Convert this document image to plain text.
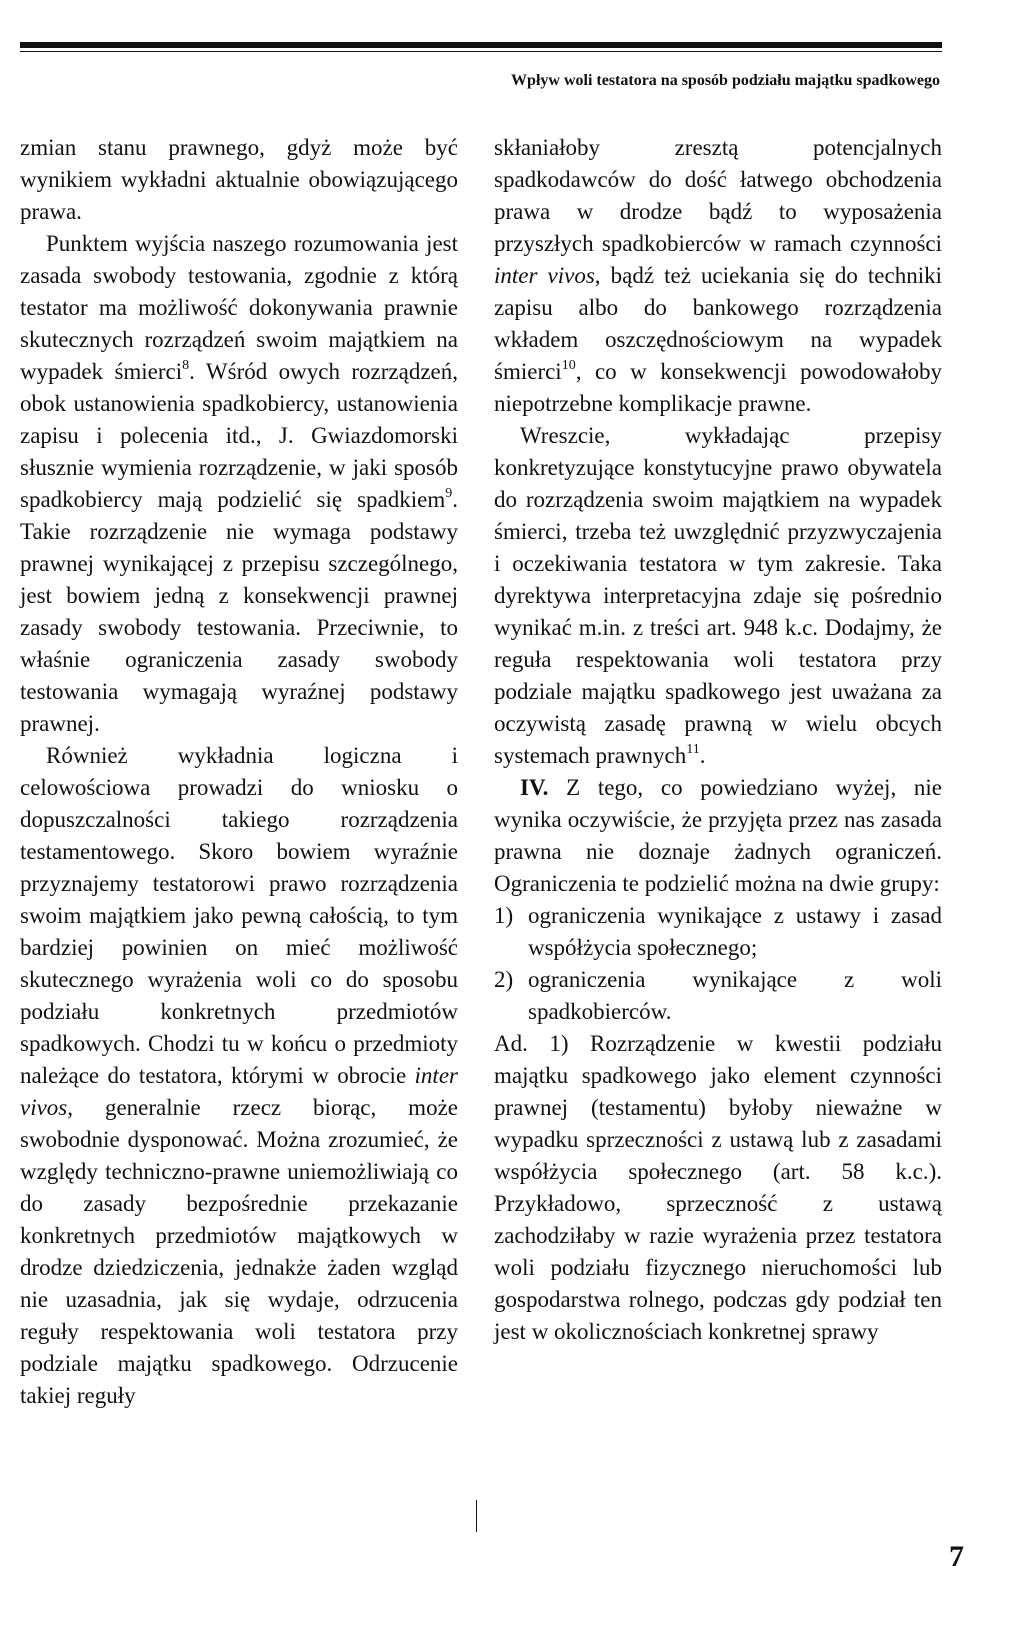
Wpływ woli testatora na sposób podziału majątku spadkowego

zmian stanu prawnego, gdyż może być wynikiem wykładni aktualnie obowiązującego prawa.

Punktem wyjścia naszego rozumowania jest zasada swobody testowania, zgodnie z którą testator ma możliwość dokonywania prawnie skutecznych rozrządzeń swoim majątkiem na wypadek śmierci$^8$. Wśród owych rozrządzeń, obok ustanowienia spadkobiercy, ustanowienia zapisu i polecenia itd., J. Gwiazdomorski słusznie wymienia rozrządzenie, w jaki sposób spadkobiercy mają podzielić się spadkiem$^9$. Takie rozrządzenie nie wymaga podstawy prawnej wynikającej z przepisu szczególnego, jest bowiem jedną z konsekwencji prawnej zasady swobody testowania. Przeciwnie, to właśnie ograniczenia zasady swobody testowania wymagają wyraźnej podstawy prawnej.

Również wykładnia logiczna i celowościowa prowadzi do wniosku o dopuszczalności takiego rozrządzenia testamentowego. Skoro bowiem wyraźnie przyznajemy testatorowi prawo rozrządzenia swoim majątkiem jako pewną całością, to tym bardziej powinien on mieć możliwość skutecznego wyrażenia woli co do sposobu podziału konkretnych przedmiotów spadkowych. Chodzi tu w końcu o przedmioty należące do testatora, którymi w obrocie inter vivos, generalnie rzecz biorąc, może swobodnie dysponować. Można zrozumieć, że względy techniczno-prawne uniemożliwiają co do zasady bezpośrednie przekazanie konkretnych przedmiotów majątkowych w drodze dziedziczenia, jednakże żaden wzgląd nie uzasadnia, jak się wydaje, odrzucenia reguły respektowania woli testatora przy podziale majątku spadkowego. Odrzucenie takiej reguły

skłaniałoby zresztą potencjalnych spadkodawców do dość łatwego obchodzenia prawa w drodze bądź to wyposażenia przyszłych spadkobierców w ramach czynności inter vivos, bądź też uciekania się do techniki zapisu albo do bankowego rozrządzenia wkładem oszczędnościowym na wypadek śmierci$^{10}$, co w konsekwencji powodowałoby niepotrzebne komplikacje prawne.

Wreszcie, wykładając przepisy konkretyzujące konstytucyjne prawo obywatela do rozrządzenia swoim majątkiem na wypadek śmierci, trzeba też uwzględnić przyzwyczajenia i oczekiwania testatora w tym zakresie. Taka dyrektywa interpretacyjna zdaje się pośrednio wynikać m.in. z treści art. 948 k.c. Dodajmy, że reguła respektowania woli testatora przy podziale majątku spadkowego jest uważana za oczywistą zasadę prawną w wielu obcych systemach prawnych$^{11}$.

IV. Z tego, co powiedziano wyżej, nie wynika oczywiście, że przyjęta przez nas zasada prawna nie doznaje żadnych ograniczeń. Ograniczenia te podzielić można na dwie grupy:

1) ograniczenia wynikające z ustawy i zasad współżycia społecznego;
2) ograniczenia wynikające z woli spadkobierców.

Ad. 1) Rozrządzenie w kwestii podziału majątku spadkowego jako element czynności prawnej (testamentu) byłoby nieważne w wypadku sprzeczności z ustawą lub z zasadami współżycia społecznego (art. 58 k.c.). Przykładowo, sprzeczność z ustawą zachodziłaby w razie wyrażenia przez testatora woli podziału fizycznego nieruchomości lub gospodarstwa rolnego, podczas gdy podział ten jest w okolicznościach konkretnej sprawy

7
